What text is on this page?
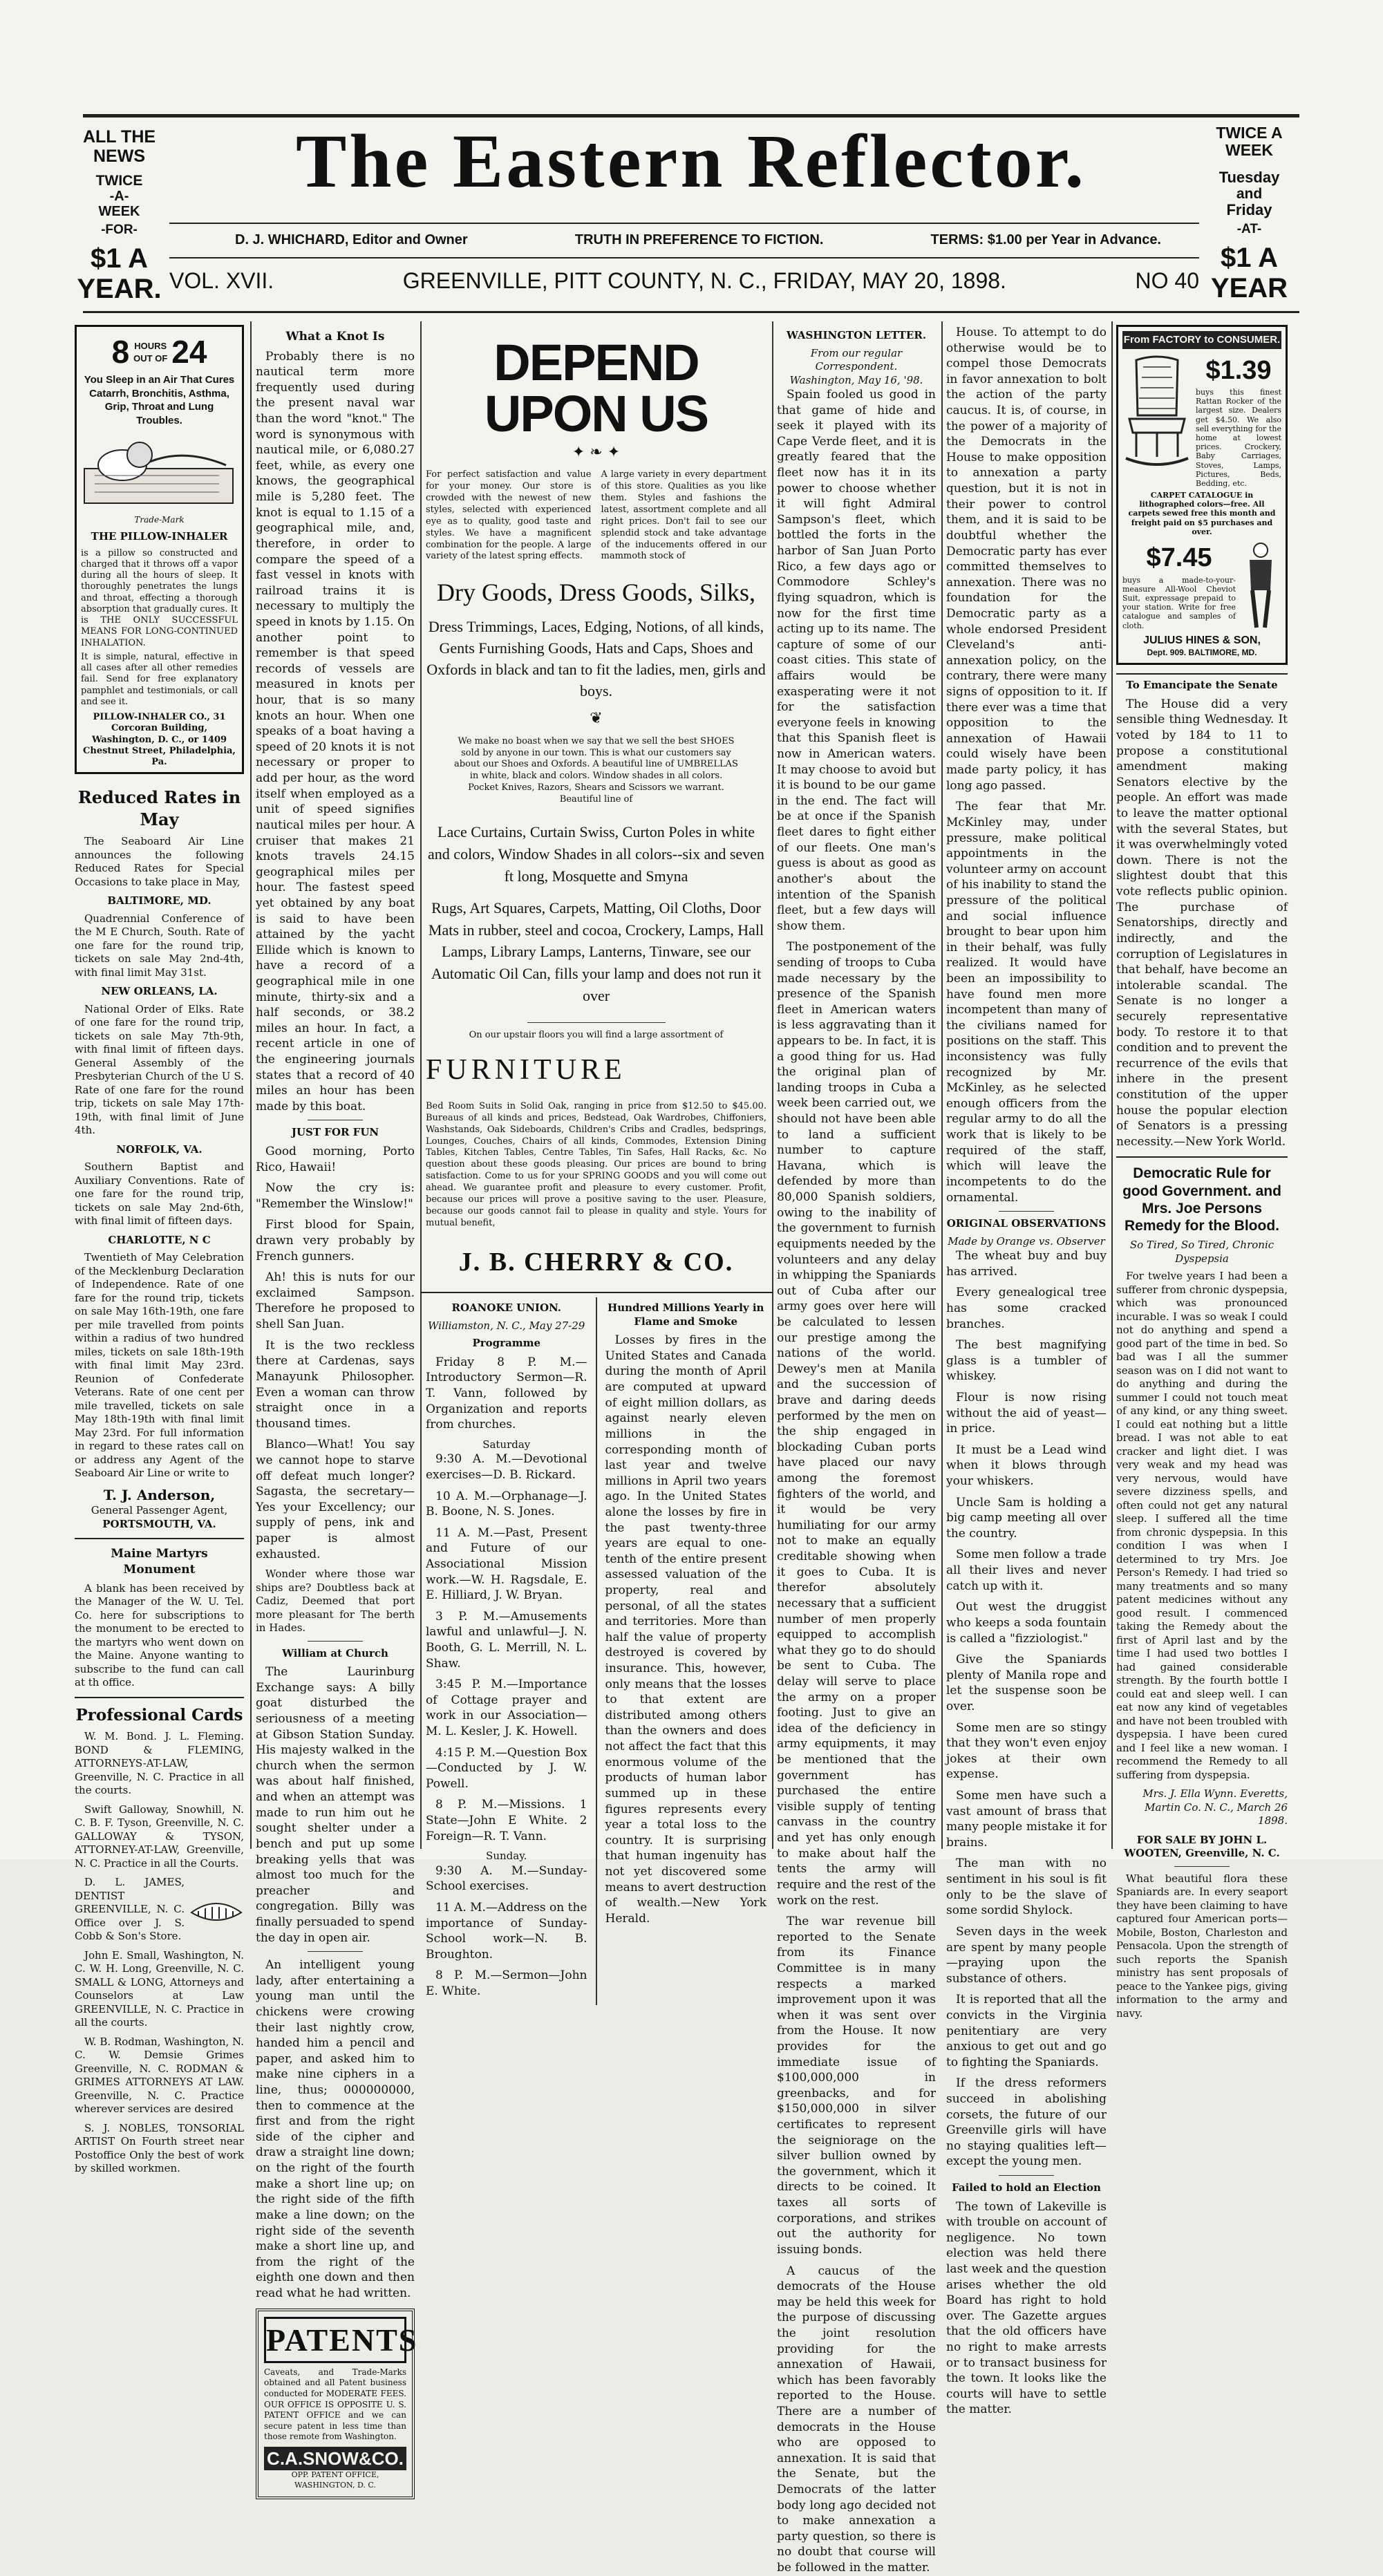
ALL THE NEWS
TWICE
-A-
WEEK
-FOR-
$1 A YEAR.
TWICE A WEEK
Tuesday
and
Friday
-AT-
$1 A YEAR
The Eastern Reflector.
D. J. WHICHARD, Editor and Owner	TRUTH IN PREFERENCE TO FICTION.	TERMS: $1.00 per Year in Advance.
VOL. XVII.	GREENVILLE, PITT COUNTY, N. C., FRIDAY, MAY 20, 1898.	NO 40
8 HOURS
OUT OF 24
You Sleep in an Air That Cures
Catarrh, Bronchitis, Asthma, Grip, Throat and Lung Troubles.
Trade-Mark
THE PILLOW-INHALER
is a pillow so constructed and charged that it throws off a vapor during all the hours of sleep. It thoroughly penetrates the lungs and throat, effecting a thorough absorption that gradually cures. It is THE ONLY SUCCESSFUL MEANS FOR LONG-CONTINUED INHALATION.
It is simple, natural, effective in all cases after all other remedies fail. Send for free explanatory pamphlet and testimonials, or call and see it.
PILLOW-INHALER CO., 31 Corcoran Building, Washington, D. C., or 1409 Chestnut Street, Philadelphia, Pa.
Reduced Rates in May

The Seaboard Air Line announces the following Reduced Rates for Special Occasions to take place in May,

BALTIMORE, MD.

Quadrennial Conference of the M E Church, South. Rate of one fare for the round trip, tickets on sale May 2nd-4th, with final limit May 31st.

NEW ORLEANS, LA.

National Order of Elks. Rate of one fare for the round trip, tickets on sale May 7th-9th, with final limit of fifteen days. General Assembly of the Presbyterian Church of the U S. Rate of one fare for the round trip, tickets on sale May 17th-19th, with final limit of June 4th.

NORFOLK, VA.

Southern Baptist and Auxiliary Conventions. Rate of one fare for the round trip, tickets on sale May 2nd-6th, with final limit of fifteen days.

CHARLOTTE, N C

Twentieth of May Celebration of the Mecklenburg Declaration of Independence. Rate of one fare for the round trip, tickets on sale May 16th-19th, one fare per mile travelled from points within a radius of two hundred miles, tickets on sale 18th-19th with final limit May 23rd. Reunion of Confederate Veterans. Rate of one cent per mile travelled, tickets on sale May 18th-19th with final limit May 23rd. For full information in regard to these rates call on or address any Agent of the Seaboard Air Line or write to

T. J. Anderson,
General Passenger Agent,
PORTSMOUTH, VA.
Maine Martyrs Monument

A blank has been received by the Manager of the W. U. Tel. Co. here for subscriptions to the monument to be erected to the martyrs who went down on the Maine. Anyone wanting to subscribe to the fund can call at th office.

Professional Cards

W. M. Bond. J. L. Fleming. BOND & FLEMING, ATTORNEYS-AT-LAW, Greenville, N. C. Practice in all the courts.

Swift Galloway, Snowhill, N. C. B. F. Tyson, Greenville, N. C. GALLOWAY & TYSON, ATTORNEY-AT-LAW, Greenville, N. C. Practice in all the Courts.

D. L. JAMES, DENTIST GREENVILLE, N. C. Office over J. S. Cobb & Son's Store.

John E. Small, Washington, N. C. W. H. Long, Greenville, N. C. SMALL & LONG, Attorneys and Counselors at Law GREENVILLE, N. C. Practice in all the courts.

W. B. Rodman, Washington, N. C. W. Demsie Grimes Greenville, N. C. RODMAN & GRIMES ATTORNEYS AT LAW. Greenville, N. C. Practice wherever services are desired

S. J. NOBLES, TONSORIAL ARTIST On Fourth street near Postoffice Only the best of work by skilled workmen.

What a Knot Is

Probably there is no nautical term more frequently used during the present naval war than the word "knot." The word is synonymous with nautical mile, or 6,080.27 feet, while, as every one knows, the geographical mile is 5,280 feet. The knot is equal to 1.15 of a geographical mile, and, therefore, in order to compare the speed of a fast vessel in knots with railroad trains it is necessary to multiply the speed in knots by 1.15. On another point to remember is that speed records of vessels are measured in knots per hour, that is so many knots an hour. When one speaks of a boat having a speed of 20 knots it is not necessary or proper to add per hour, as the word itself when employed as a unit of speed signifies nautical miles per hour. A cruiser that makes 21 knots travels 24.15 geographical miles per hour. The fastest speed yet obtained by any boat is said to have been attained by the yacht Ellide which is known to have a record of a geographical mile in one minute, thirty-six and a half seconds, or 38.2 miles an hour. In fact, a recent article in one of the engineering journals states that a record of 40 miles an hour has been made by this boat.

JUST FOR FUN

Good morning, Porto Rico, Hawaii!

Now the cry is: "Remember the Winslow!"

First blood for Spain, drawn very probably by French gunners.

Ah! this is nuts for our exclaimed Sampson. Therefore he proposed to shell San Juan.

It is the two reckless there at Cardenas, says Manayunk Philosopher. Even a woman can throw straight once in a thousand times.

Blanco—What! You say we cannot hope to starve off defeat much longer? Sagasta, the secretary—Yes your Excellency; our supply of pens, ink and paper is almost exhausted.

Wonder where those war ships are? Doubtless back at Cadiz, Deemed that port more pleasant for The berth in Hades.

William at Church

The Laurinburg Exchange says: A billy goat disturbed the seriousness of a meeting at Gibson Station Sunday. His majesty walked in the church when the sermon was about half finished, and when an attempt was made to run him out he sought shelter under a bench and put up some breaking yells that was almost too much for the preacher and congregation. Billy was finally persuaded to spend the day in open air.

An intelligent young lady, after entertaining a young man until the chickens were crowing their last nightly crow, handed him a pencil and paper, and asked him to make nine ciphers in a line, thus; 000000000, then to commence at the first and from the right side of the cipher and draw a straight line down; on the right of the fourth make a short line up; on the right side of the fifth make a line down; on the right side of the seventh make a short line up, and from the right of the eighth one down and then read what he had written.

PATENTS
Caveats, and Trade-Marks obtained and all Patent business conducted for MODERATE FEES. OUR OFFICE IS OPPOSITE U. S. PATENT OFFICE and we can secure patent in less time than those remote from Washington.
C.A.SNOW&CO.
OPP. PATENT OFFICE, WASHINGTON, D. C.
DEPEND UPON US
✦ ❧ ✦
For perfect satisfaction and value for your money. Our store is crowded with the newest of new styles, selected with experienced eye as to quality, good taste and styles. We have a magnificent combination for the people. A large variety of the latest spring effects.
A large variety in every department of this store. Qualities as you like them. Styles and fashions the latest, assortment complete and all right prices. Don't fail to see our splendid stock and take advantage of the inducements offered in our mammoth stock of
Dry Goods, Dress Goods, Silks,
Dress Trimmings, Laces, Edging, Notions, of all kinds, Gents Furnishing Goods, Hats and Caps, Shoes and Oxfords in black and tan to fit the ladies, men, girls and boys.
❦
We make no boast when we say that we sell the best SHOES sold by anyone in our town. This is what our customers say about our Shoes and Oxfords. A beautiful line of UMBRELLAS in white, black and colors. Window shades in all colors. Pocket Knives, Razors, Shears and Scissors we warrant. Beautiful line of
Lace Curtains, Curtain Swiss, Curton Poles in white and colors, Window Shades in all colors--six and seven ft long, Mosquette and Smyna
Rugs, Art Squares, Carpets, Matting, Oil Cloths, Door Mats in rubber, steel and cocoa, Crockery, Lamps, Hall Lamps, Library Lamps, Lanterns, Tinware, see our Automatic Oil Can, fills your lamp and does not run it over
On our upstair floors you will find a large assortment of
FURNITURE
Bed Room Suits in Solid Oak, ranging in price from $12.50 to $45.00. Bureaus of all kinds and prices, Bedstead, Oak Wardrobes, Chiffoniers, Washstands, Oak Sideboards, Children's Cribs and Cradles, bedsprings, Lounges, Couches, Chairs of all kinds, Commodes, Extension Dining Tables, Kitchen Tables, Centre Tables, Tin Safes, Hall Racks, &c. No question about these goods pleasing. Our prices are bound to bring satisfaction. Come to us for your SPRING GOODS and you will come out ahead. We guarantee profit and pleasure to every customer. Profit, because our prices will prove a positive saving to the user. Pleasure, because our goods cannot fail to please in quality and style. Yours for mutual benefit,
J. B. CHERRY & CO.
ROANOKE UNION.
Williamston, N. C., May 27-29
Programme

Friday 8 P. M.—Introductory Sermon—R. T. Vann, followed by Organization and reports from churches.

Saturday

9:30 A. M.—Devotional exercises—D. B. Rickard.

10 A. M.—Orphanage—J. B. Boone, N. S. Jones.

11 A. M.—Past, Present and Future of our Associational Mission work.—W. H. Ragsdale, E. E. Hilliard, J. W. Bryan.

3 P. M.—Amusements lawful and unlawful—J. N. Booth, G. L. Merrill, N. L. Shaw.

3:45 P. M.—Importance of Cottage prayer and work in our Association—M. L. Kesler, J. K. Howell.

4:15 P. M.—Question Box—Conducted by J. W. Powell.

8 P. M.—Missions. 1 State—John E White. 2 Foreign—R. T. Vann.

Sunday.

9:30 A. M.—Sunday-School exercises.

11 A. M.—Address on the importance of Sunday-School work—N. B. Broughton.

8 P. M.—Sermon—John E. White.

Hundred Millions Yearly in Flame and Smoke

Losses by fires in the United States and Canada during the month of April are computed at upward of eight million dollars, as against nearly eleven millions in the corresponding month of last year and twelve millions in April two years ago. In the United States alone the losses by fire in the past twenty-three years are equal to one-tenth of the entire present assessed valuation of the property, real and personal, of all the states and territories. More than half the value of property destroyed is covered by insurance. This, however, only means that the losses to that extent are distributed among others than the owners and does not affect the fact that this enormous volume of the products of human labor summed up in these figures represents every year a total loss to the country. It is surprising that human ingenuity has not yet discovered some means to avert destruction of wealth.—New York Herald.

WASHINGTON LETTER.
From our regular Correspondent.
Washington, May 16, '98.

Spain fooled us good in that game of hide and seek it played with its Cape Verde fleet, and it is greatly feared that the fleet now has it in its power to choose whether it will fight Admiral Sampson's fleet, which bottled the forts in the harbor of San Juan Porto Rico, a few days ago or Commodore Schley's flying squadron, which is now for the first time acting up to its name. The capture of some of our coast cities. This state of affairs would be exasperating were it not for the satisfaction everyone feels in knowing that this Spanish fleet is now in American waters. It may choose to avoid but it is bound to be our game in the end. The fact will be at once if the Spanish fleet dares to fight either of our fleets. One man's guess is about as good as another's about the intention of the Spanish fleet, but a few days will show them.

The postponement of the sending of troops to Cuba made necessary by the presence of the Spanish fleet in American waters is less aggravating than it appears to be. In fact, it is a good thing for us. Had the original plan of landing troops in Cuba a week been carried out, we should not have been able to land a sufficient number to capture Havana, which is defended by more than 80,000 Spanish soldiers, owing to the inability of the government to furnish equipments needed by the volunteers and any delay in whipping the Spaniards out of Cuba after our army goes over here will be calculated to lessen our prestige among the nations of the world. Dewey's men at Manila and the succession of brave and daring deeds performed by the men on the ship engaged in blockading Cuban ports have placed our navy among the foremost fighters of the world, and it would be very humiliating for our army not to make an equally creditable showing when it goes to Cuba. It is therefor absolutely necessary that a sufficient number of men properly equipped to accomplish what they go to do should be sent to Cuba. The delay will serve to place the army on a proper footing. Just to give an idea of the deficiency in army equipments, it may be mentioned that the government has purchased the entire visible supply of tenting canvass in the country and yet has only enough to make about half the tents the army will require and the rest of the work on the rest.

The war revenue bill reported to the Senate from its Finance Committee is in many respects a marked improvement upon it was when it was sent over from the House. It now provides for the immediate issue of $100,000,000 in greenbacks, and for $150,000,000 in silver certificates to represent the seigniorage on the silver bullion owned by the government, which it directs to be coined. It taxes all sorts of corporations, and strikes out the authority for issuing bonds.

A caucus of the democrats of the House may be held this week for the purpose of discussing the joint resolution providing for the annexation of Hawaii, which has been favorably reported to the House. There are a number of democrats in the House who are opposed to annexation. It is said that the Senate, but the Democrats of the latter body long ago decided not to make annexation a party question, so there is no doubt that course will be followed in the matter.

House. To attempt to do otherwise would be to compel those Democrats in favor annexation to bolt the action of the party caucus. It is, of course, in the power of a majority of the Democrats in the House to make opposition to annexation a party question, but it is not in their power to control them, and it is said to be doubtful whether the Democratic party has ever committed themselves to annexation. There was no foundation for the Democratic party as a whole endorsed President Cleveland's anti-annexation policy, on the contrary, there were many signs of opposition to it. If there ever was a time that opposition to the annexation of Hawaii could wisely have been made party policy, it has long ago passed.

The fear that Mr. McKinley may, under pressure, make political appointments in the volunteer army on account of his inability to stand the pressure of the political and social influence brought to bear upon him in their behalf, was fully realized. It would have been an impossibility to have found men more incompetent than many of the civilians named for positions on the staff. This inconsistency was fully recognized by Mr. McKinley, as he selected enough officers from the regular army to do all the work that is likely to be required of the staff, which will leave the incompetents to do the ornamental.

ORIGINAL OBSERVATIONS
Made by Orange vs. Observer

The wheat buy and buy has arrived.

Every genealogical tree has some cracked branches.

The best magnifying glass is a tumbler of whiskey.

Flour is now rising without the aid of yeast—in price.

It must be a Lead wind when it blows through your whiskers.

Uncle Sam is holding a big camp meeting all over the country.

Some men follow a trade all their lives and never catch up with it.

Out west the druggist who keeps a soda fountain is called a "fizziologist."

Give the Spaniards plenty of Manila rope and let the suspense soon be over.

Some men are so stingy that they won't even enjoy jokes at their own expense.

Some men have such a vast amount of brass that many people mistake it for brains.

The man with no sentiment in his soul is fit only to be the slave of some sordid Shylock.

Seven days in the week are spent by many people—praying upon the substance of others.

It is reported that all the convicts in the Virginia penitentiary are very anxious to get out and go to fighting the Spaniards.

If the dress reformers succeed in abolishing corsets, the future of our Greenville girls will have no staying qualities left—except the young men.

Failed to hold an Election

The town of Lakeville is with trouble on account of negligence. No town election was held there last week and the question arises whether the old Board has right to hold over. The Gazette argues that the old officers have no right to make arrests or to transact business for the town. It looks like the courts will have to settle the matter.

From FACTORY to CONSUMER.
$1.39
buys this finest Rattan Rocker of the largest size. Dealers get $4.50. We also sell everything for the home at lowest prices. Crockery, Baby Carriages, Stoves, Lamps, Pictures, Beds, Bedding, etc.
CARPET CATALOGUE in lithographed colors—free. All carpets sewed free this month and freight paid on $5 purchases and over.
$7.45
buys a made-to-your-measure All-Wool Cheviot Suit, expressage prepaid to your station. Write for free catalogue and samples of cloth.
JULIUS HINES & SON,
Dept. 909. BALTIMORE, MD.
To Emancipate the Senate

The House did a very sensible thing Wednesday. It voted by 184 to 11 to propose a constitutional amendment making Senators elective by the people. An effort was made to leave the matter optional with the several States, but it was overwhelmingly voted down. There is not the slightest doubt that this vote reflects public opinion. The purchase of Senatorships, directly and indirectly, and the corruption of Legislatures in that behalf, have become an intolerable scandal. The Senate is no longer a securely representative body. To restore it to that condition and to prevent the recurrence of the evils that inhere in the present constitution of the upper house the popular election of Senators is a pressing necessity.—New York World.

Democratic Rule for good Government. and Mrs. Joe Persons Remedy for the Blood.
So Tired, So Tired, Chronic Dyspepsia

For twelve years I had been a sufferer from chronic dyspepsia, which was pronounced incurable. I was so weak I could not do anything and spend a good part of the time in bed. So bad was I all the summer season was on I did not want to do anything and during the summer I could not touch meat of any kind, or any thing sweet. I could eat nothing but a little bread. I was not able to eat cracker and light diet. I was very weak and my head was very nervous, would have severe dizziness spells, and often could not get any natural sleep. I suffered all the time from chronic dyspepsia. In this condition I was when I determined to try Mrs. Joe Person's Remedy. I had tried so many treatments and so many patent medicines without any good result. I commenced taking the Remedy about the first of April last and by the time I had used two bottles I had gained considerable strength. By the fourth bottle I could eat and sleep well. I can eat now any kind of vegetables and have not been troubled with dyspepsia. I have been cured and I feel like a new woman. I recommend the Remedy to all suffering from dyspepsia.

Mrs. J. Ella Wynn. Everetts, Martin Co. N. C., March 26 1898.
FOR SALE BY JOHN L. WOOTEN, Greenville, N. C.

What beautiful flora these Spaniards are. In every seaport they have been claiming to have captured four American ports—Mobile, Boston, Charleston and Pensacola. Upon the strength of such reports the Spanish ministry has sent proposals of peace to the Yankee pigs, giving information to the army and navy.
